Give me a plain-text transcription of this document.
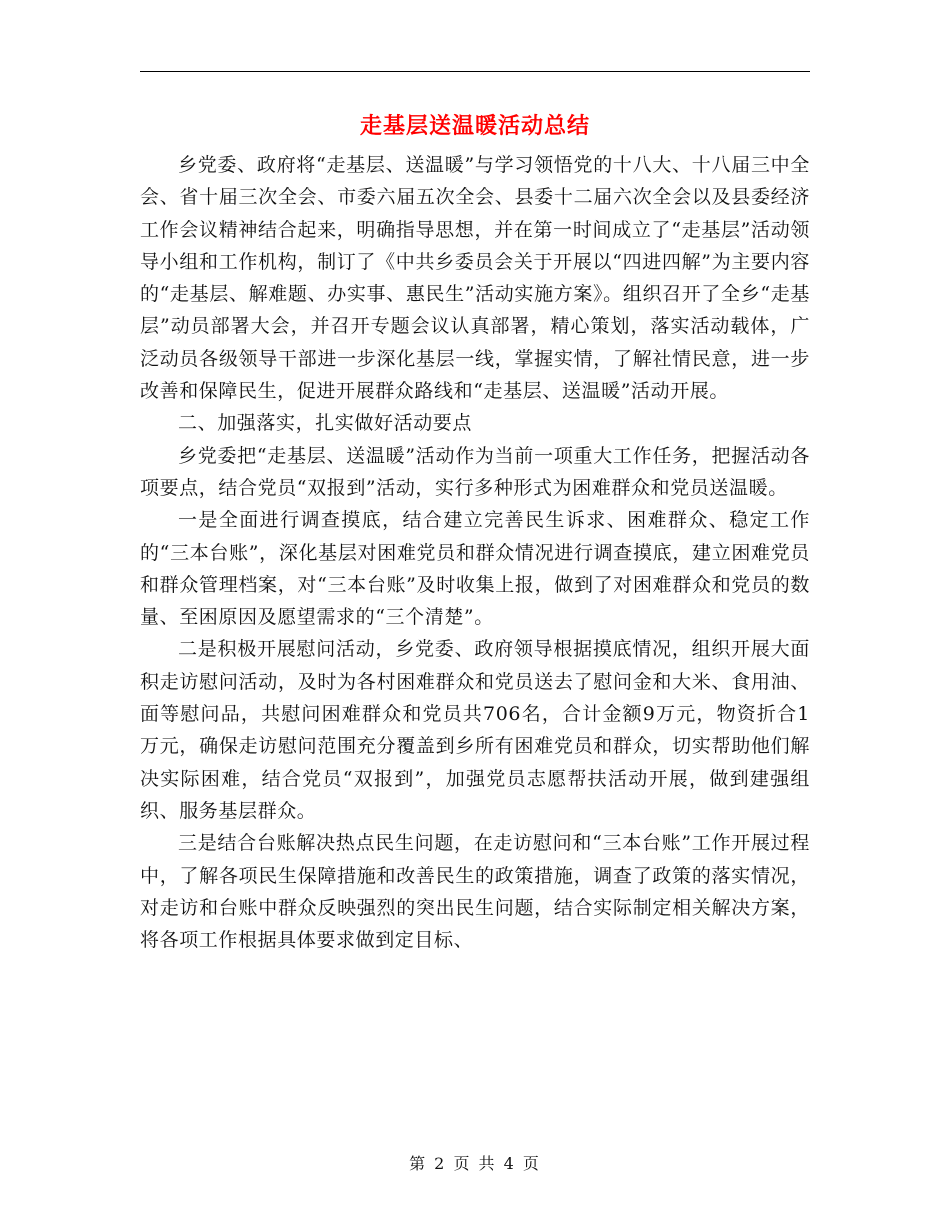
走基层送温暖活动总结

乡党委、政府将“走基层、送温暖”与学习领悟党的十八大、十八届三中全会、省十届三次全会、市委六届五次全会、县委十二届六次全会以及县委经济工作会议精神结合起来，明确指导思想，并在第一时间成立了“走基层”活动领导小组和工作机构，制订了《中共乡委员会关于开展以“四进四解”为主要内容的“走基层、解难题、办实事、惠民生”活动实施方案》。组织召开了全乡“走基层”动员部署大会，并召开专题会议认真部署，精心策划，落实活动载体，广泛动员各级领导干部进一步深化基层一线，掌握实情，了解社情民意，进一步改善和保障民生，促进开展群众路线和“走基层、送温暖”活动开展。

二、加强落实，扎实做好活动要点

乡党委把“走基层、送温暖”活动作为当前一项重大工作任务，把握活动各项要点，结合党员“双报到”活动，实行多种形式为困难群众和党员送温暖。

一是全面进行调查摸底，结合建立完善民生诉求、困难群众、稳定工作的“三本台账”，深化基层对困难党员和群众情况进行调查摸底，建立困难党员和群众管理档案，对“三本台账”及时收集上报，做到了对困难群众和党员的数量、至困原因及愿望需求的“三个清楚”。

二是积极开展慰问活动，乡党委、政府领导根据摸底情况，组织开展大面积走访慰问活动，及时为各村困难群众和党员送去了慰问金和大米、食用油、面等慰问品，共慰问困难群众和党员共706名，合计金额9万元，物资折合1万元，确保走访慰问范围充分覆盖到乡所有困难党员和群众，切实帮助他们解决实际困难，结合党员“双报到”，加强党员志愿帮扶活动开展，做到建强组织、服务基层群众。

三是结合台账解决热点民生问题，在走访慰问和“三本台账”工作开展过程中，了解各项民生保障措施和改善民生的政策措施，调查了政策的落实情况，对走访和台账中群众反映强烈的突出民生问题，结合实际制定相关解决方案，将各项工作根据具体要求做到定目标、

第 2 页 共 4 页
